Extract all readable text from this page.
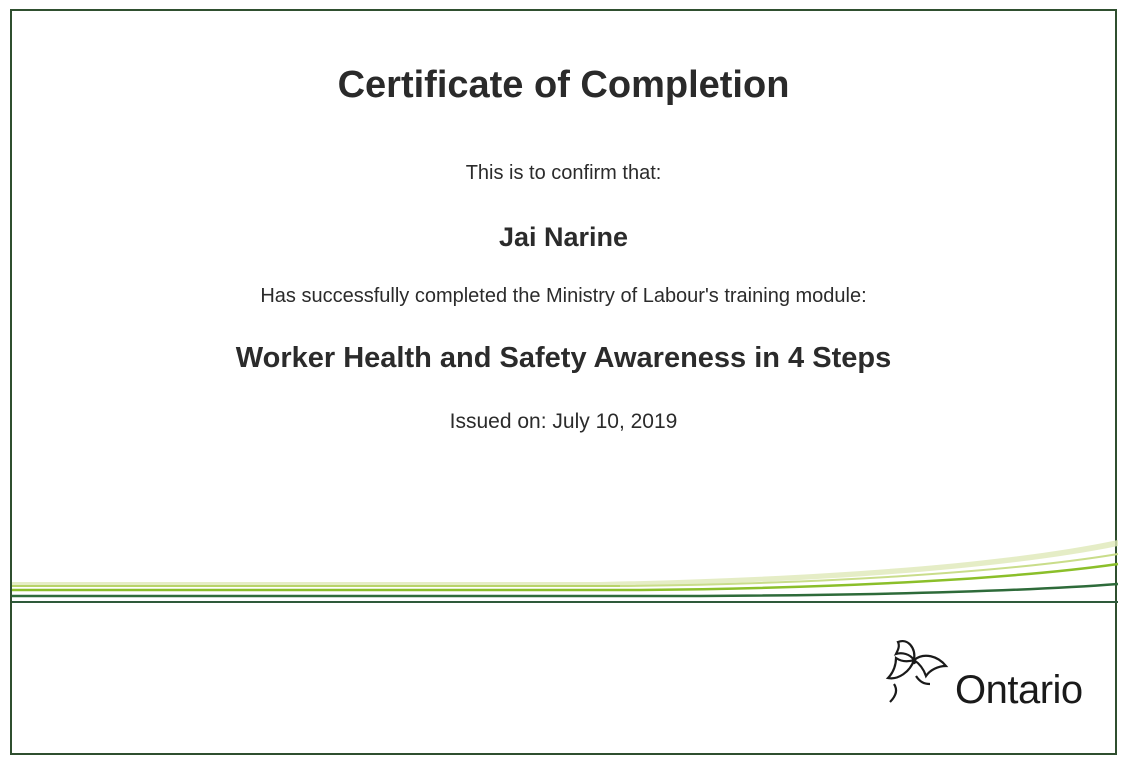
Certificate of Completion

This is to confirm that:

Jai Narine

Has successfully completed the Ministry of Labour's training module:

Worker Health and Safety Awareness in 4 Steps

Issued on: July 10, 2019

Ontario
